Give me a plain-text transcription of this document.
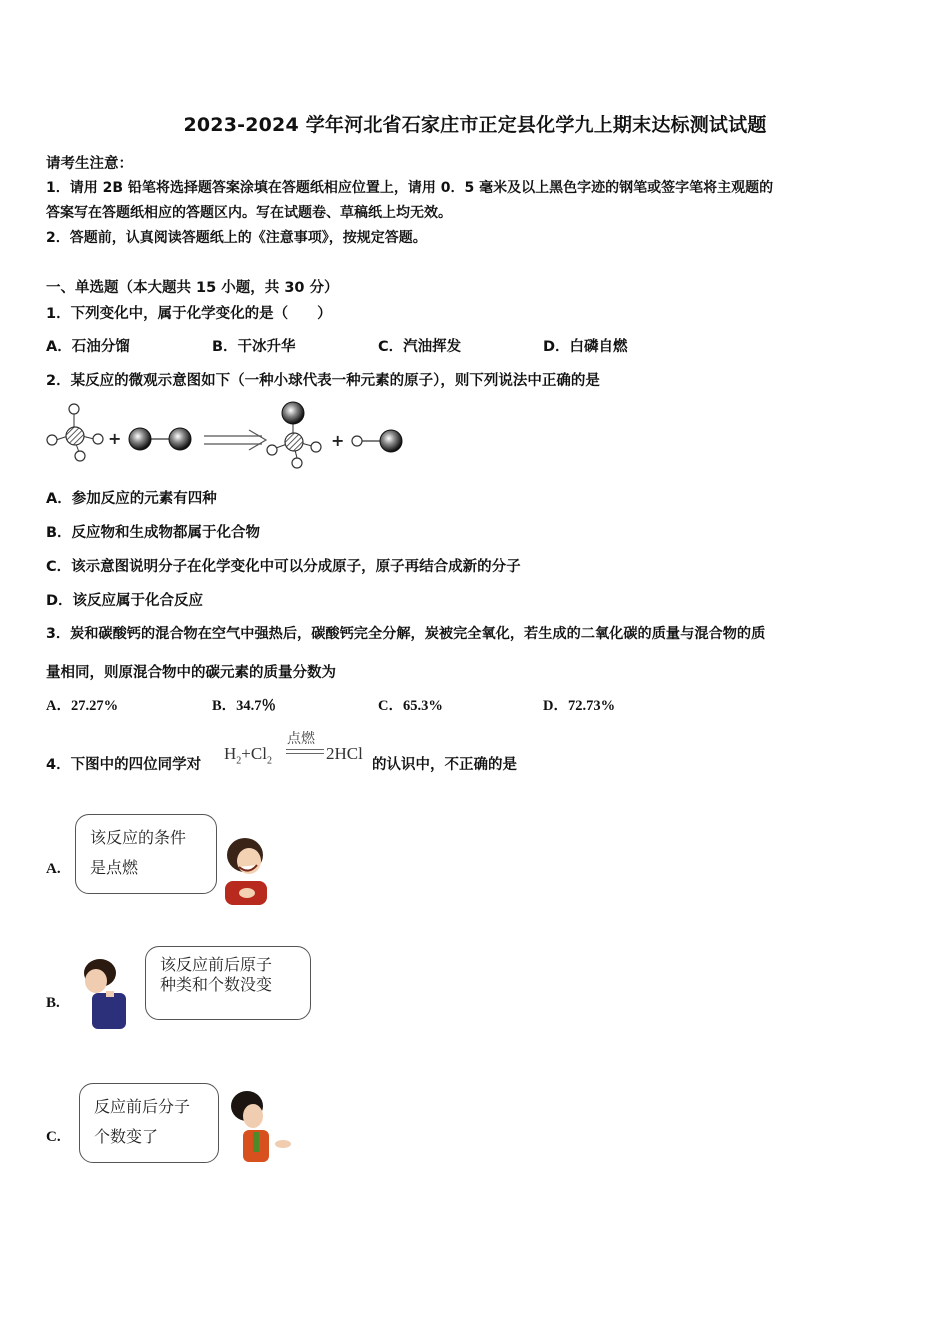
2023-2024 学年河北省石家庄市正定县化学九上期末达标测试试题
请考生注意：
1．请用 2B 铅笔将选择题答案涂填在答题纸相应位置上，请用 0．5 毫米及以上黑色字迹的钢笔或签字笔将主观题的
答案写在答题纸相应的答题区内。写在试题卷、草稿纸上均无效。
2．答题前，认真阅读答题纸上的《注意事项》，按规定答题。
一、单选题（本大题共 15 小题，共 30 分）
1．下列变化中，属于化学变化的是（　　）
A．石油分馏	B．干冰升华	C．汽油挥发	D．白磷自燃
2．某反应的微观示意图如下（一种小球代表一种元素的原子），则下列说法中正确的是
+	+
A．参加反应的元素有四种
B．反应物和生成物都属于化合物
C．该示意图说明分子在化学变化中可以分成原子，原子再结合成新的分子
D．该反应属于化合反应
3．炭和碳酸钙的混合物在空气中强热后，碳酸钙完全分解，炭被完全氧化，若生成的二氧化碳的质量与混合物的质
量相同，则原混合物中的碳元素的质量分数为
A．27.27%	B．34.7％	C．65.3%	D．72.73%
4．下图中的四位同学对
$H_2+Cl_2$
点燃
2HCl
的认识中，不正确的是
A.
该反应的条件
是点燃
B.
该反应前后原子
种类和个数没变
C.
反应前后分子
个数变了
